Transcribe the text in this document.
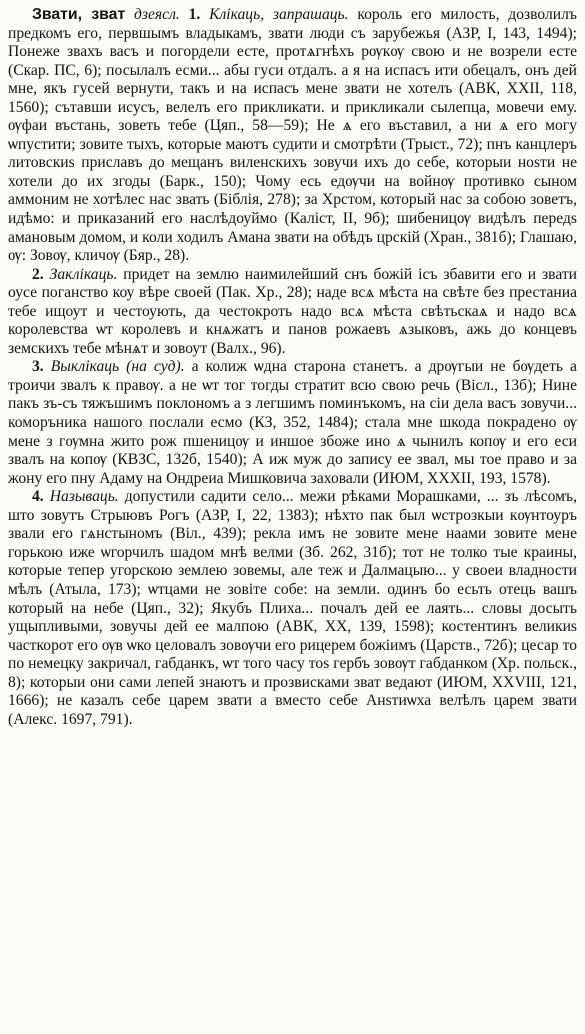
Звати, зват дзеясл. 1. Клікаць, запрашаць. король его милость, дозволилъ предкомъ его, первшымъ владыкамъ, звати люди съ зарубежья (АЗР, I, 143, 1494); Понеже звахъ васъ и погордели есте, протѧгнѣхъ рѹкѹ свою и не возрели есте (Скар. ПС, 6); посылалъ есми... абы гуси отдалъ. а я на испасъ ити обецалъ, онъ дей мне, якъ гусей вернути, такъ и на испасъ мене звати не хотелъ (АВК, XXII, 118, 1560); сътавши исусъ, велелъ его прикликати. и прикликали сылепца, мовечи ему. ѹфаи въстань, зоветь тебе (Цяп., 58—59); Не ѧ его въставил, а ни ѧ его могу ѡпустити; зовите тыхъ, которые маютъ судити и смотрѣти (Трыст., 72); пнъ канцлеръ литовскиѕ приславъ до мещанъ виленскихъ зовучи ихъ до себе, которыи ноѕти не хотели до их згоды (Барк., 150); Чому есь едѹчи на войнѹ противко сыном аммоним не хотѣлес нас звать (Біблія, 278); за Хрстом, который нас за собою зоветъ, идѣмо: и приказаний его наслѣдоуймо (Каліст, II, 9б); шибеницѹ видѣлъ передѕ амановым домом, и коли ходилъ Амана звати на обѣдъ црскій (Хран., 381б); Глашаю, ѹ: Зовѹ, кличѹ (Бяр., 28).

2. Заклікаць. придет на землю наимилейший снъ божій ісъ збавити его и звати оусе поганство коу вѣре своей (Пак. Хр., 28); наде всѧ мѣста на свѣте без престаниа тебе ищоут и честоують, да честокроть надо всѧ мѣста свѣтьскаѧ и надо всѧ королевства ѡт королевъ и кнѧжатъ и панов рожаевъ ѧзыковъ, ажь до концевъ земскихъ тебе мѣнѧт и зовоут (Валх., 96).

3. Выклікаць (на суд). а колиж ѡдна старона станетъ. а дрѹгыи не бѹдеть а троичи звалъ к правѹ. а не ѡт тог тогды стратит всю свою речь (Вісл., 13б); Нине пакъ зъ-съ тяжъшимъ поклономъ а з легшимъ поминъкомъ, на сіи дела васъ зовучи... коморъника нашого послали есмо (КЗ, 352, 1484); стала мне шкода покрадено ѹ мене з гѹмна жито рож пшеницѹ и иншое збоже ино ѧ чынилъ копѹ и его еси звалъ на копѹ (КВЗС, 132б, 1540); А иж муж до запису ее звал, мы тое право и за жону его пну Адаму на Ондреиа Мишковича заховали (ИЮМ, XXXII, 193, 1578).

4. Называць. допустили садити село... межи рѣками Морашками, ... зъ лѣсомъ, што зовутъ Стрыювъ Рогъ (АЗР, I, 22, 1383); нѣхто пак был ѡстрозкыи кѹнтоуръ звали его гѧнстыномъ (Віл., 439); рекла имъ не зовите мене наами зовите мене горькою иже ѡгорчилъ шадом мнѣ велми (Зб. 262, 31б); тот не толко тые краины, которые тепер угорскою землею зовемы, але теж и Далмацыю... у своеи владности мѣлъ (Атыла, 173); ѡтцами не зовіте собе: на земли. одинъ бо есьть отець вашъ который на небе (Цяп., 32); Якубъ Плиха... почалъ дей ее лаять... словы досыть ущыпливыми, зовучы дей ее малпою (АВК, XX, 139, 1598); костентинъ великиѕ часткорот его ѹв ѡко целовалъ зовѹчи его рицерем божіимъ (Царств., 72б); цесар то по немецку закричал, габданкъ, ѡт того часу тоѕ гербъ зовѹт габданком (Хр. польск., 8); которыи они сами лепей знаютъ и прозвисками зват ведают (ИЮМ, XXVIII, 121, 1666); не казалъ себе царем звати а вместо себе Анѕтиѡха велѣлъ царем звати (Алекс. 1697, 791).
